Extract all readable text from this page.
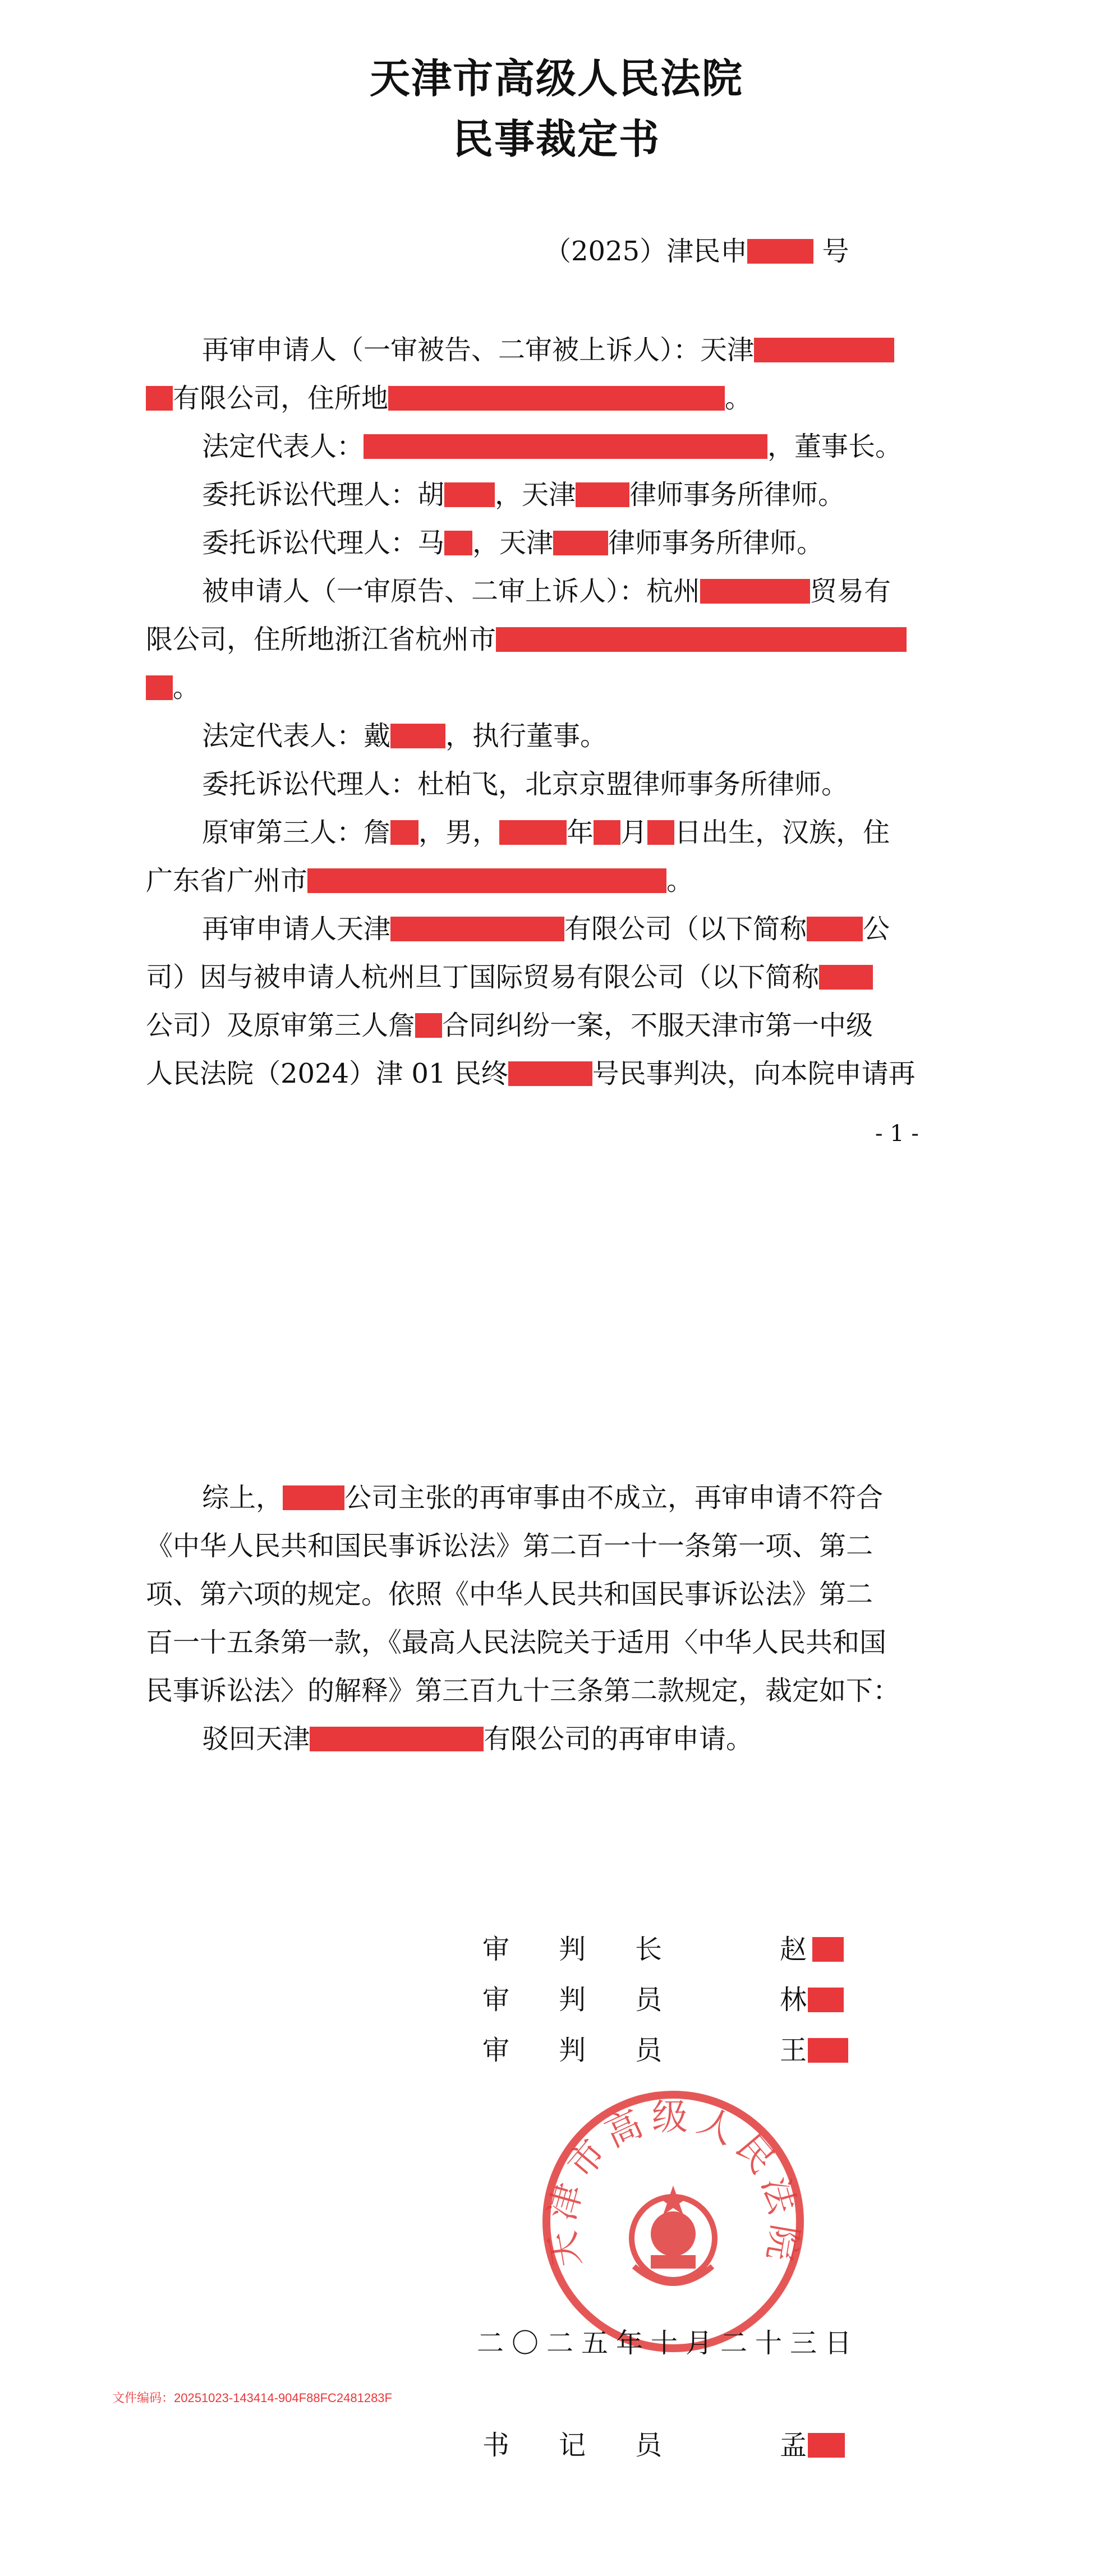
天津市高级人民法院
民事裁定书
（2025）津民申	号
再审申请人（一审被告、二审被上诉人）：天津
有限公司，住所地	。
法定代表人：	，董事长。
委托诉讼代理人：胡 ，天津 律师事务所律师。
委托诉讼代理人：马 ，天津 律师事务所律师。
被申请人（一审原告、二审上诉人）：杭州	贸易有
限公司，住所地浙江省杭州市
。
法定代表人：戴 ，执行董事。
委托诉讼代理人：杜柏飞，北京京盟律师事务所律师。
原审第三人：詹 ，男，	年 月 日出生，汉族，住
广东省广州市	。
再审申请人天津	有限公司（以下简称 公
司）因与被申请人杭州旦丁国际贸易有限公司（以下简称
公司）及原审第三人詹 合同纠纷一案，不服天津市第一中级
人民法院（2024）津 01 民终	号民事判决，向本院申请再
- 1 -
综上， 公司主张的再审事由不成立，再审申请不符合
《中华人民共和国民事诉讼法》第二百一十一条第一项、第二
项、第六项的规定。依照《中华人民共和国民事诉讼法》第二
百一十五条第一款，《最高人民法院关于适用〈中华人民共和国
民事诉讼法〉的解释》第三百九十三条第二款规定，裁定如下：
驳回天津	有限公司的再审申请。
审判长	赵
审判员	林
审判员	王
天津市高级人民法院
二〇二五年十月二十三日
文件编码：20251023-143414-904F88FC2481283F
书记员	孟
